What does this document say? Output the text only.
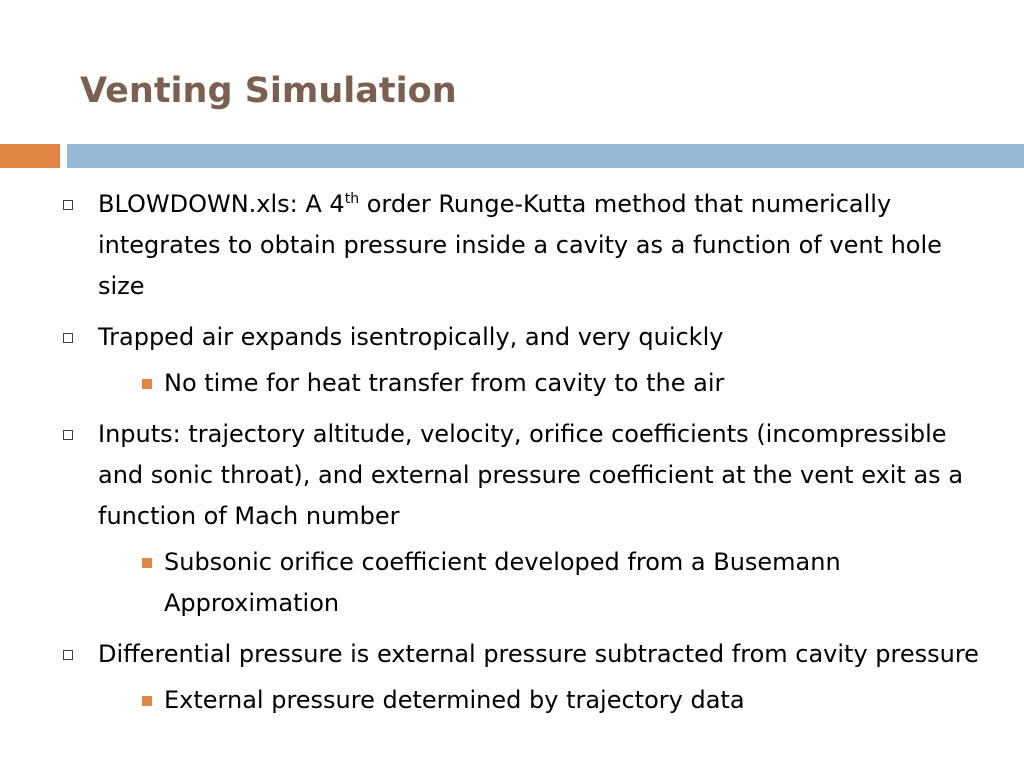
Venting Simulation
BLOWDOWN.xls: A 4th order Runge-Kutta method that numerically integrates to obtain pressure inside a cavity as a function of vent hole size
Trapped air expands isentropically, and very quickly
No time for heat transfer from cavity to the air
Inputs: trajectory altitude, velocity, orifice coefficients (incompressible and sonic throat), and external pressure coefficient at the vent exit as a function of Mach number
Subsonic orifice coefficient developed from a Busemann Approximation
Differential pressure is external pressure subtracted from cavity pressure
External pressure determined by trajectory data
